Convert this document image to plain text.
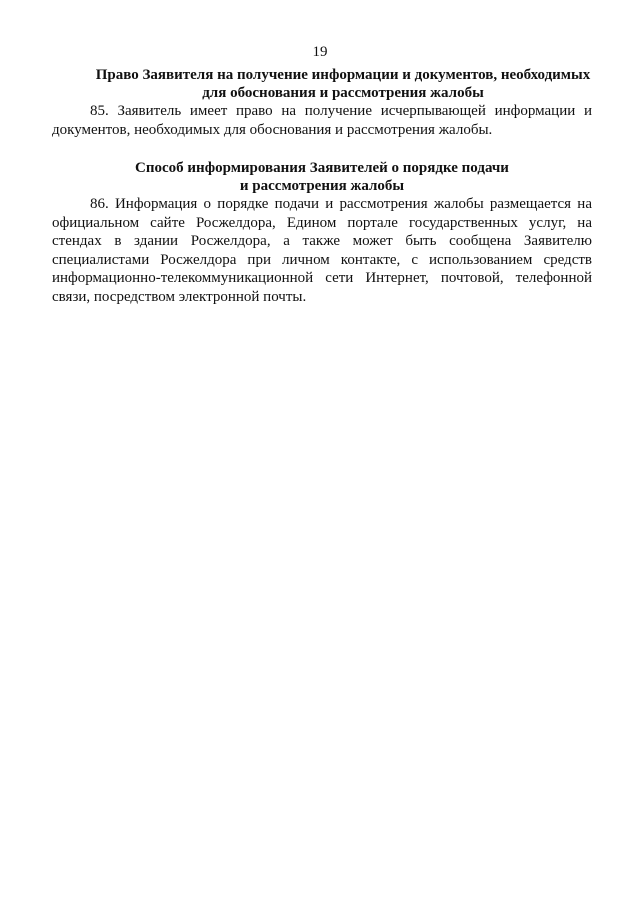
19
Право Заявителя на получение информации и документов, необходимых
для обоснования и рассмотрения жалобы

85. Заявитель имеет право на получение исчерпывающей информации и документов, необходимых для обоснования и рассмотрения жалобы.

Способ информирования Заявителей о порядке подачи
и рассмотрения жалобы

86. Информация о порядке подачи и рассмотрения жалобы размещается на официальном сайте Росжелдора, Едином портале государственных услуг, на стендах в здании Росжелдора, а также может быть сообщена Заявителю специалистами Росжелдора при личном контакте, с использованием средств информационно-телекоммуникационной сети Интернет, почтовой, телефонной связи, посредством электронной почты.
